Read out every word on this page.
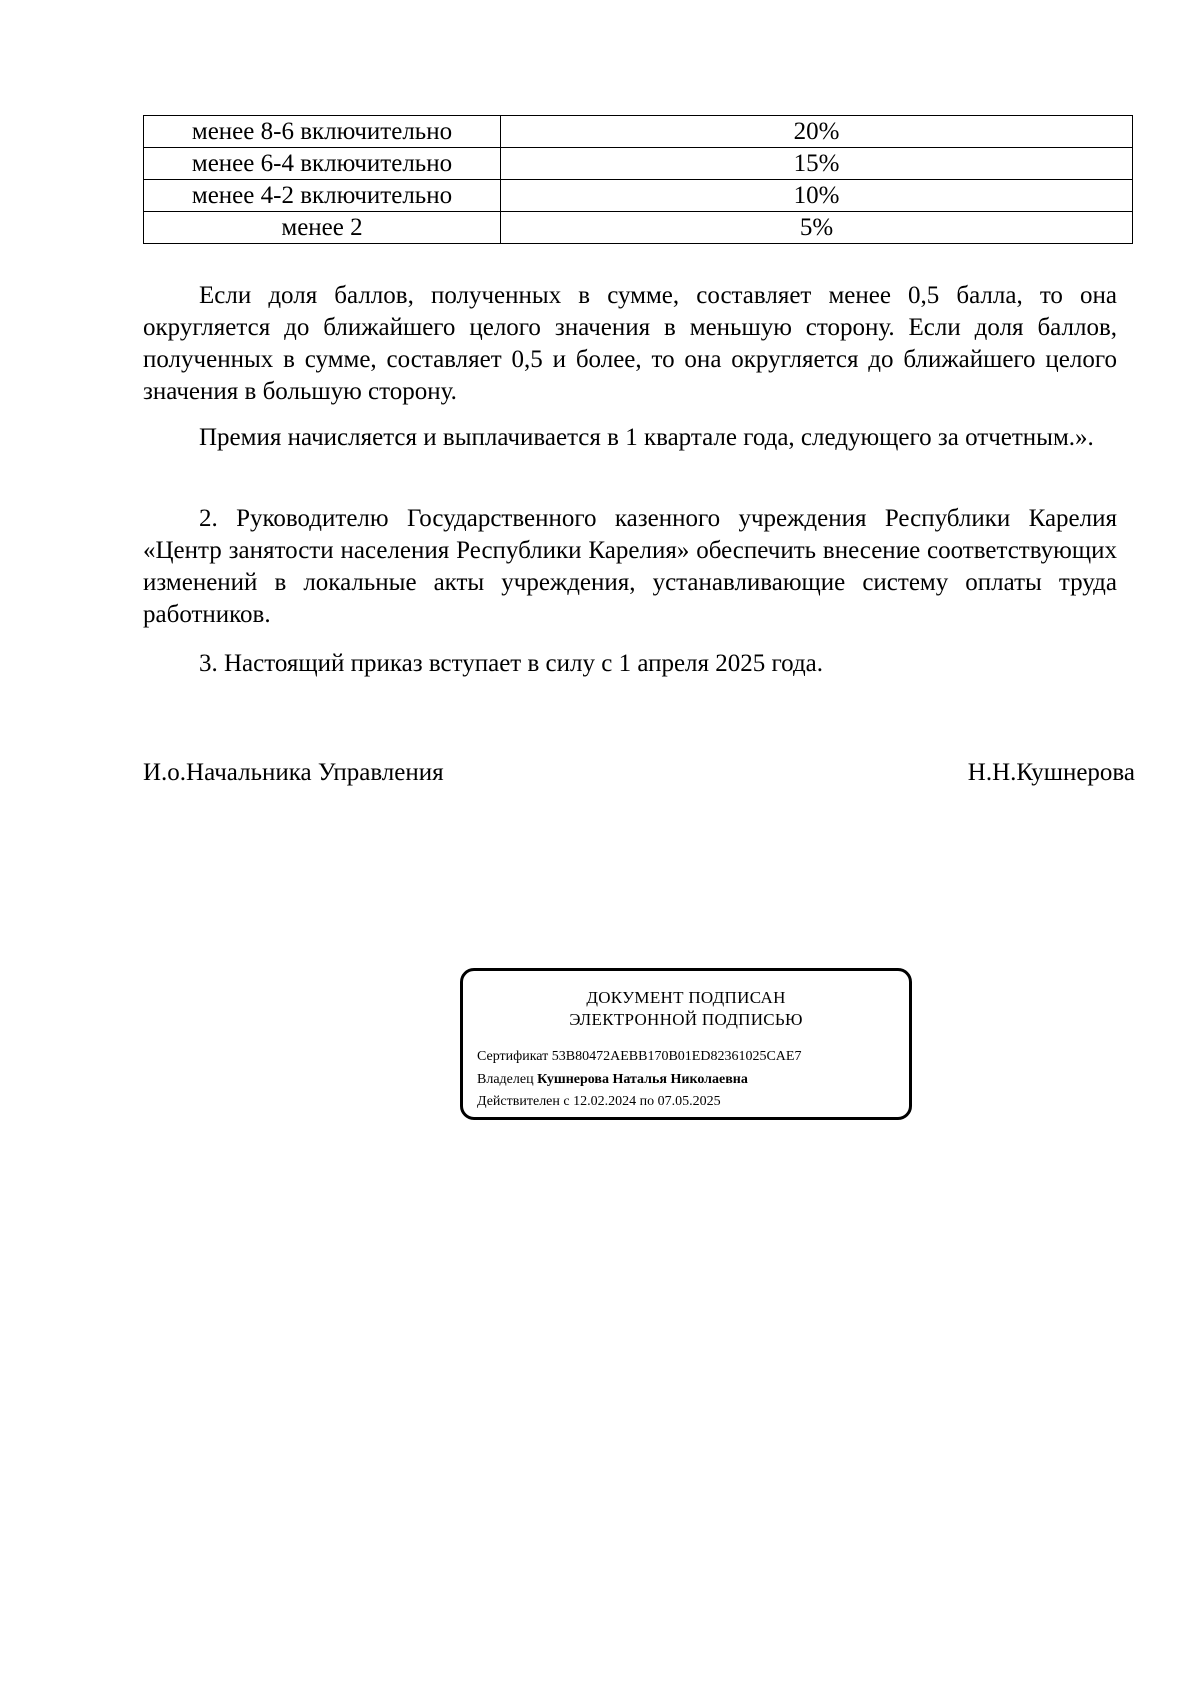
менее 8-6 включительно	20%
менее 6-4 включительно	15%
менее 4-2 включительно	10%
менее 2	5%

Если доля баллов, полученных в сумме, составляет менее 0,5 балла, то она округляется до ближайшего целого значения в меньшую сторону. Если доля баллов, полученных в сумме, составляет 0,5 и более, то она округляется до ближайшего целого значения в большую сторону.

Премия начисляется и выплачивается в 1 квартале года, следующего за отчетным.».

2. Руководителю Государственного казенного учреждения Республики Карелия «Центр занятости населения Республики Карелия» обеспечить внесение соответствующих изменений в локальные акты учреждения, устанавливающие систему оплаты труда работников.

3. Настоящий приказ вступает в силу с 1 апреля 2025 года.

И.о.Начальника Управления	Н.Н.Кушнерова
ДОКУМЕНТ ПОДПИСАН
ЭЛЕКТРОННОЙ ПОДПИСЬЮ
Сертификат 53B80472AEBB170B01ED82361025CAE7
Владелец Кушнерова Наталья Николаевна
Действителен с 12.02.2024 по 07.05.2025
